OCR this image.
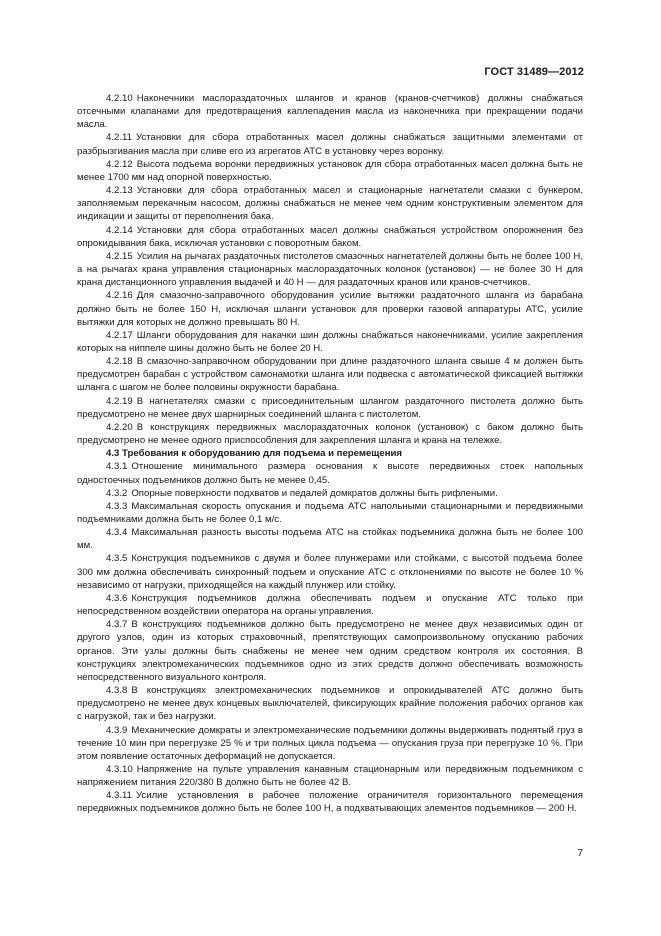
ГОСТ 31489—2012

4.2.10 Наконечники маслораздаточных шлангов и кранов (кранов-счетчиков) должны снабжаться отсечными клапанами для предотвращения каплепадения масла из наконечника при прекращении подачи масла.

4.2.11 Установки для сбора отработанных масел должны снабжаться защитными элементами от разбрызгивания масла при сливе его из агрегатов АТС в установку через воронку.

4.2.12 Высота подъема воронки передвижных установок для сбора отработанных масел должна быть не менее 1700 мм над опорной поверхностью.

4.2.13 Установки для сбора отработанных масел и стационарные нагнетатели смазки с бункером, заполняемым перекачным насосом, должны снабжаться не менее чем одним конструктивным элементом для индикации и защиты от переполнения бака.

4.2.14 Установки для сбора отработанных масел должны снабжаться устройством опорожнения без опрокидывания бака, исключая установки с поворотным баком.

4.2.15 Усилия на рычагах раздаточных пистолетов смазочных нагнетателей должны быть не более 100 Н, а на рычагах крана управления стационарных маслораздаточных колонок (установок) — не более 30 Н для крана дистанционного управления выдачей и 40 Н — для раздаточных кранов или кранов-счетчиков.

4.2.16 Для смазочно-заправочного оборудования усилие вытяжки раздаточного шланга из барабана должно быть не более 150 Н, исключая шланги установок для проверки газовой аппаратуры АТС, усилие вытяжки для которых не должно превышать 80 Н.

4.2.17 Шланги оборудования для накачки шин должны снабжаться наконечниками, усилие закрепления которых на ниппеле шины должно быть не более 20 Н.

4.2.18 В смазочно-заправочном оборудовании при длине раздаточного шланга свыше 4 м должен быть предусмотрен барабан с устройством самонамотки шланга или подвеска с автоматической фиксацией вытяжки шланга с шагом не более половины окружности барабана.

4.2.19 В нагнетателях смазки с присоединительным шлангом раздаточного пистолета должно быть предусмотрено не менее двух шарнирных соединений шланга с пистолетом.

4.2.20 В конструкциях передвижных маслораздаточных колонок (установок) с баком должно быть предусмотрено не менее одного приспособления для закрепления шланга и крана на тележке.

4.3 Требования к оборудованию для подъема и перемещения

4.3.1 Отношение минимального размера основания к высоте передвижных стоек напольных одностоечных подъемников должно быть не менее 0,45.

4.3.2 Опорные поверхности подхватов и педалей домкратов должны быть рифлеными.

4.3.3 Максимальная скорость опускания и подъема АТС напольными стационарными и передвижными подъемниками должна быть не более 0,1 м/с.

4.3.4 Максимальная разность высоты подъема АТС на стойках подъемника должна быть не более 100 мм.

4.3.5 Конструкция подъемников с двумя и более плунжерами или стойками, с высотой подъема более 300 мм должна обеспечивать синхронный подъем и опускание АТС с отклонениями по высоте не более 10 % независимо от нагрузки, приходящейся на каждый плунжер или стойку.

4.3.6 Конструкция подъемников должна обеспечивать подъем и опускание АТС только при непосредственном воздействии оператора на органы управления.

4.3.7 В конструкциях подъемников должно быть предусмотрено не менее двух независимых один от другого узлов, один из которых страховочный, препятствующих самопроизвольному опусканию рабочих органов. Эти узлы должны быть снабжены не менее чем одним средством контроля их состояния. В конструкциях электромеханических подъемников одно из этих средств должно обеспечивать возможность непосредственного визуального контроля.

4.3.8 В конструкциях электромеханических подъемников и опрокидывателей АТС должно быть предусмотрено не менее двух концевых выключателей, фиксирующих крайние положения рабочих органов как с нагрузкой, так и без нагрузки.

4.3.9 Механические домкраты и электромеханические подъемники должны выдерживать поднятый груз в течение 10 мин при перегрузке 25 % и три полных цикла подъема — опускания груза при перегрузке 10 %. При этом появление остаточных деформаций не допускается.

4.3.10 Напряжение на пульте управления канавным стационарным или передвижным подъемником с напряжением питания 220/380 В должно быть не более 42 В.

4.3.11 Усилие установления в рабочее положение ограничителя горизонтального перемещения передвижных подъемников должно быть не более 100 Н, а подхватывающих элементов подъемников — 200 Н.

7
